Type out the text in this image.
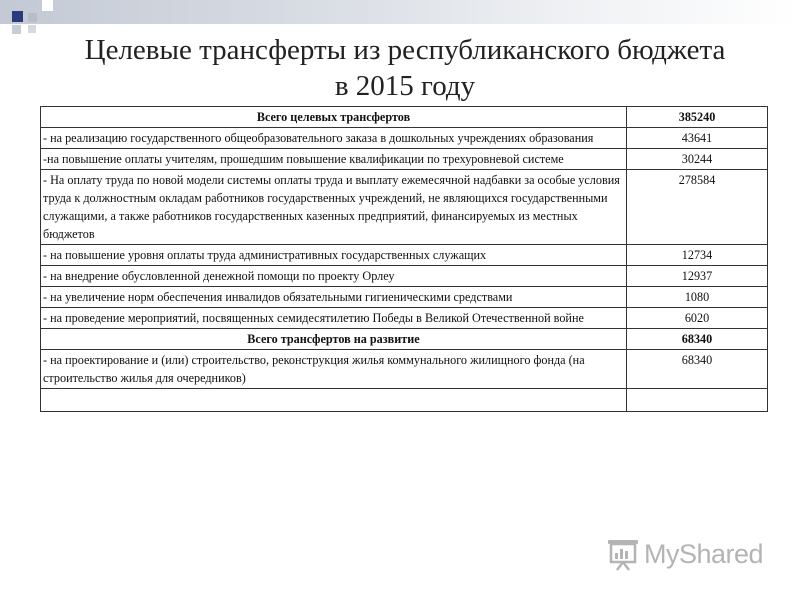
Целевые трансферты из республиканского бюджета
в 2015 году
Всего целевых трансфертов	385240
- на реализацию государственного общеобразовательного заказа в дошкольных учреждениях образования	43641
-на повышение оплаты учителям, прошедшим повышение квалификации по трехуровневой системе	30244
- На оплату труда по новой модели системы оплаты труда и выплату ежемесячной надбавки за особые условия труда к должностным окладам работников государственных учреждений, не являющихся государственными служащими, а также работников государственных казенных предприятий, финансируемых из местных бюджетов	278584
- на повышение уровня оплаты труда административных государственных служащих	12734
- на внедрение обусловленной денежной помощи по проекту Орлеу	12937
- на увеличение норм обеспечения инвалидов обязательными гигиеническими средствами	1080
- на проведение мероприятий, посвященных семидесятилетию Победы в Великой Отечественной войне	6020
Всего трансфертов на развитие	68340
- на проектирование и (или) строительство, реконструкция жилья коммунального жилищного фонда (на строительство жилья для очередников)	68340

MyShared
